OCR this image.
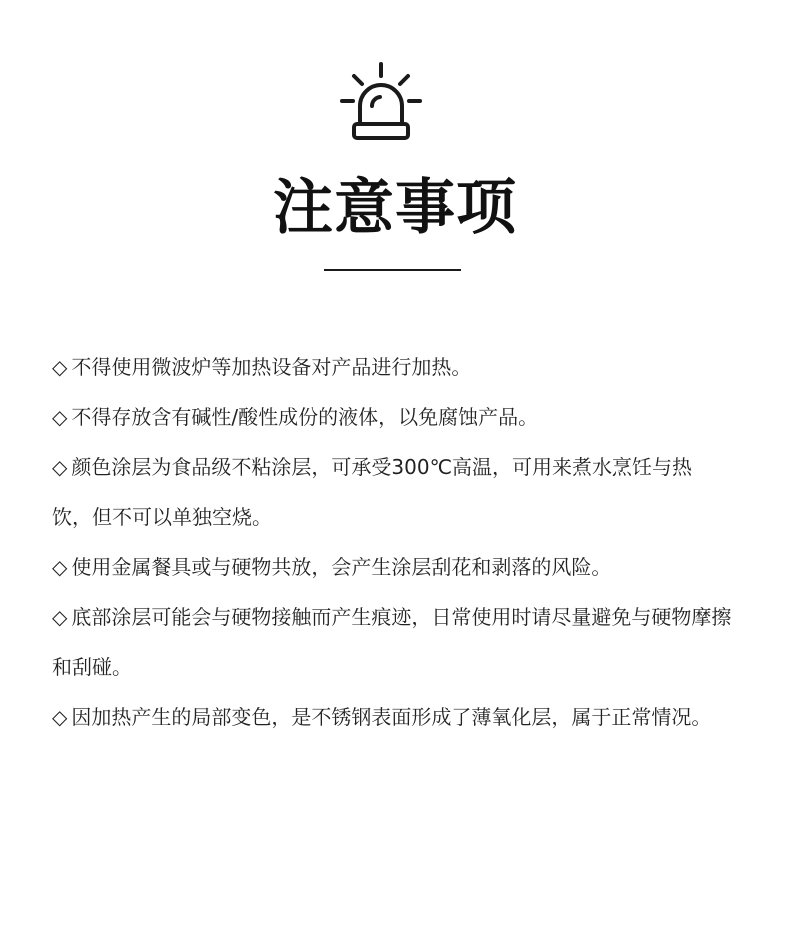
注意事项

◇ 不得使用微波炉等加热设备对产品进行加热。

◇ 不得存放含有碱性/酸性成份的液体，以免腐蚀产品。

◇ 颜色涂层为食品级不粘涂层，可承受300℃高温，可用来煮水烹饪与热饮，但不可以单独空烧。

◇ 使用金属餐具或与硬物共放，会产生涂层刮花和剥落的风险。

◇ 底部涂层可能会与硬物接触而产生痕迹，日常使用时请尽量避免与硬物摩擦和刮碰。

◇ 因加热产生的局部变色，是不锈钢表面形成了薄氧化层，属于正常情况。
